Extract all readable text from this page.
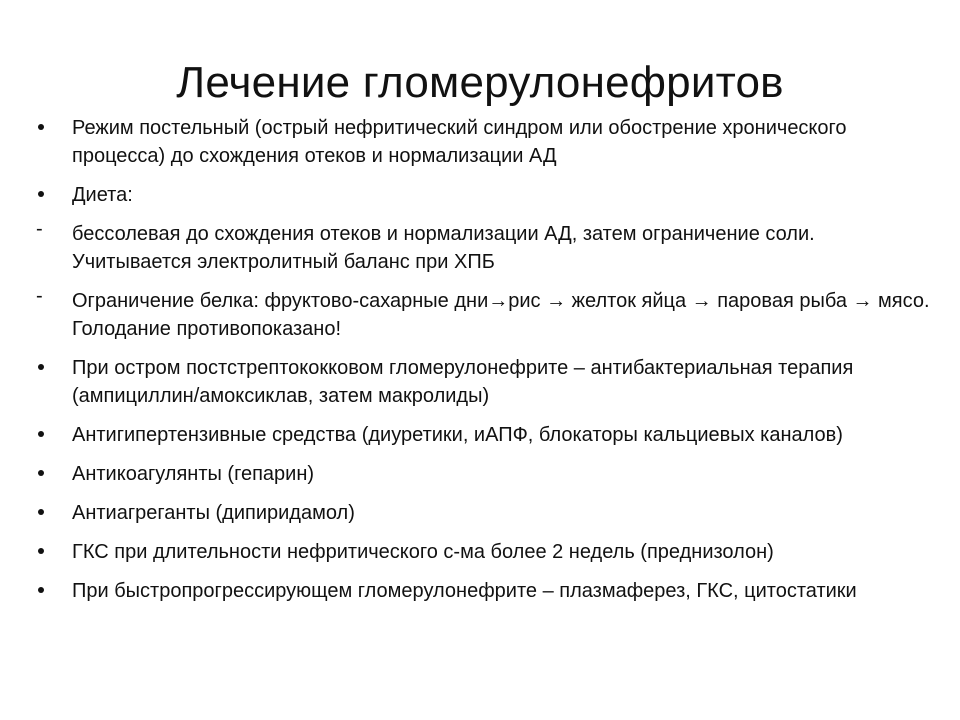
Лечение гломерулонефритов
Режим постельный (острый нефритический синдром или обострение хронического процесса) до схождения отеков и нормализации АД
Диета:
-	бессолевая до схождения отеков и нормализации АД, затем ограничение соли. Учитывается электролитный баланс при ХПБ
-	Ограничение белка: фруктово-сахарные дни→рис → желток яйца → паровая рыба → мясо. Голодание противопоказано!
При остром постстрептококковом гломерулонефрите – антибактериальная терапия (ампициллин/амоксиклав, затем макролиды)
Антигипертензивные средства (диуретики, иАПФ, блокаторы кальциевых каналов)
Антикоагулянты (гепарин)
Антиагреганты (дипиридамол)
ГКС при длительности нефритического с-ма более 2 недель (преднизолон)
При быстропрогрессирующем гломерулонефрите – плазмаферез, ГКС, цитостатики
